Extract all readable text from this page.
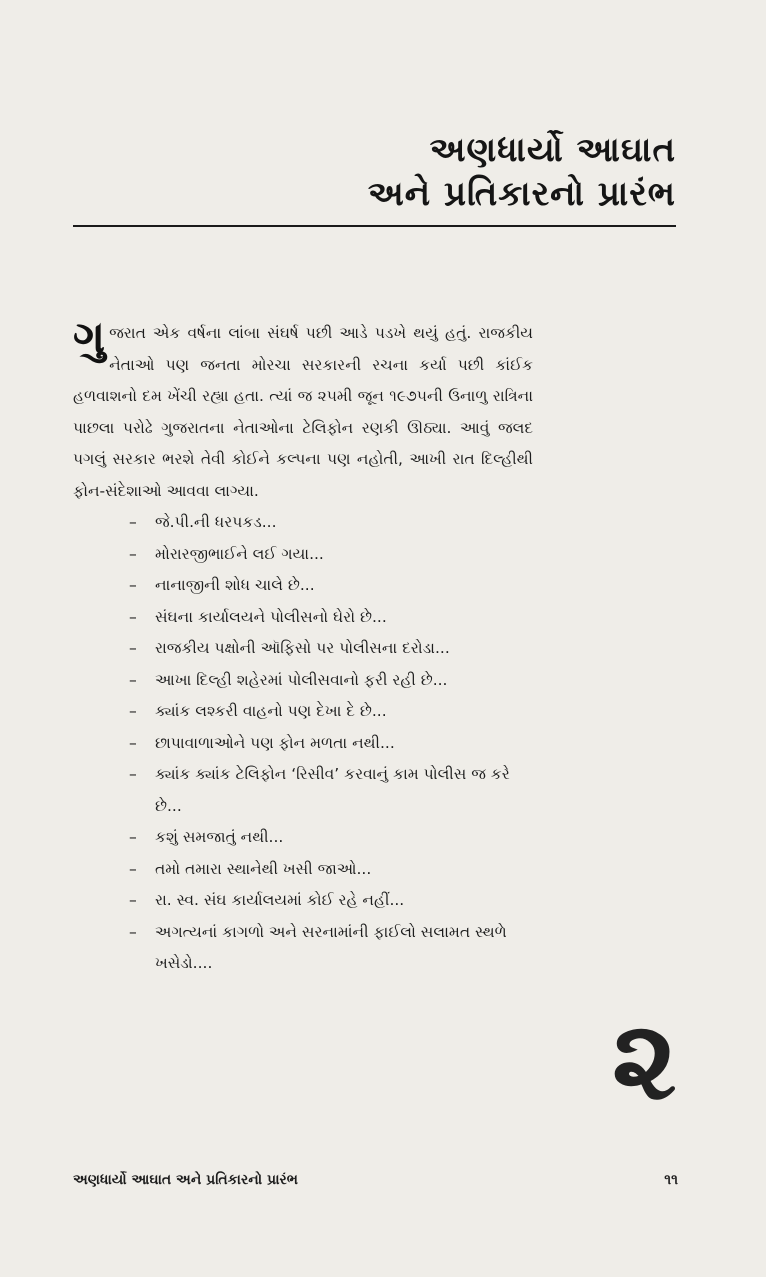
અણધાર્યો આઘાત
અને પ્રતિકારનો પ્રારંભ

ગુજરાત એક વર્ષના લાંબા સંઘર્ષ પછી આડે પડખે થયું હતું. રાજકીય નેતાઓ પણ જનતા મોરચા સરકારની રચના કર્યા પછી કાંઈક હળવાશનો દમ ખેંચી રહ્યા હતા. ત્યાં જ ૨૫મી જૂન ૧૯૭૫ની ઉનાળુ રાત્રિના પાછલા પરોઢે ગુજરાતના નેતાઓના ટેલિફોન રણકી ઊઠ્યા. આવું જલદ પગલું સરકાર ભરશે તેવી કોઈને કલ્પના પણ નહોતી, આખી રાત દિલ્હીથી ફોન-સંદેશાઓ આવવા લાગ્યા.

– જે.પી.ની ધરપકડ...
– મોરારજીભાઈને લઈ ગયા...
– નાનાજીની શોધ ચાલે છે...
– સંઘના કાર્યાલયને પોલીસનો ઘેરો છે...
– રાજકીય પક્ષોની ઑફિસો પર પોલીસના દરોડા...
– આખા દિલ્હી શહેરમાં પોલીસવાનો ફરી રહી છે...
– ક્યાંક લશ્કરી વાહનો પણ દેખા દે છે...
– છાપાવાળાઓને પણ ફોન મળતા નથી...
– ક્યાંક ક્યાંક ટેલિફોન ‘રિસીવ’ કરવાનું કામ પોલીસ જ કરે છે...
– કશું સમજાતું નથી...
– તમો તમારા સ્થાનેથી ખસી જાઓ...
– રા. સ્વ. સંઘ કાર્યાલયમાં કોઈ રહે નહીં...
– અગત્યનાં કાગળો અને સરનામાંની ફાઈલો સલામત સ્થળે ખસેડો....
૨
અણધાર્યો આઘાત અને પ્રતિકારનો પ્રારંભ	૧૧
